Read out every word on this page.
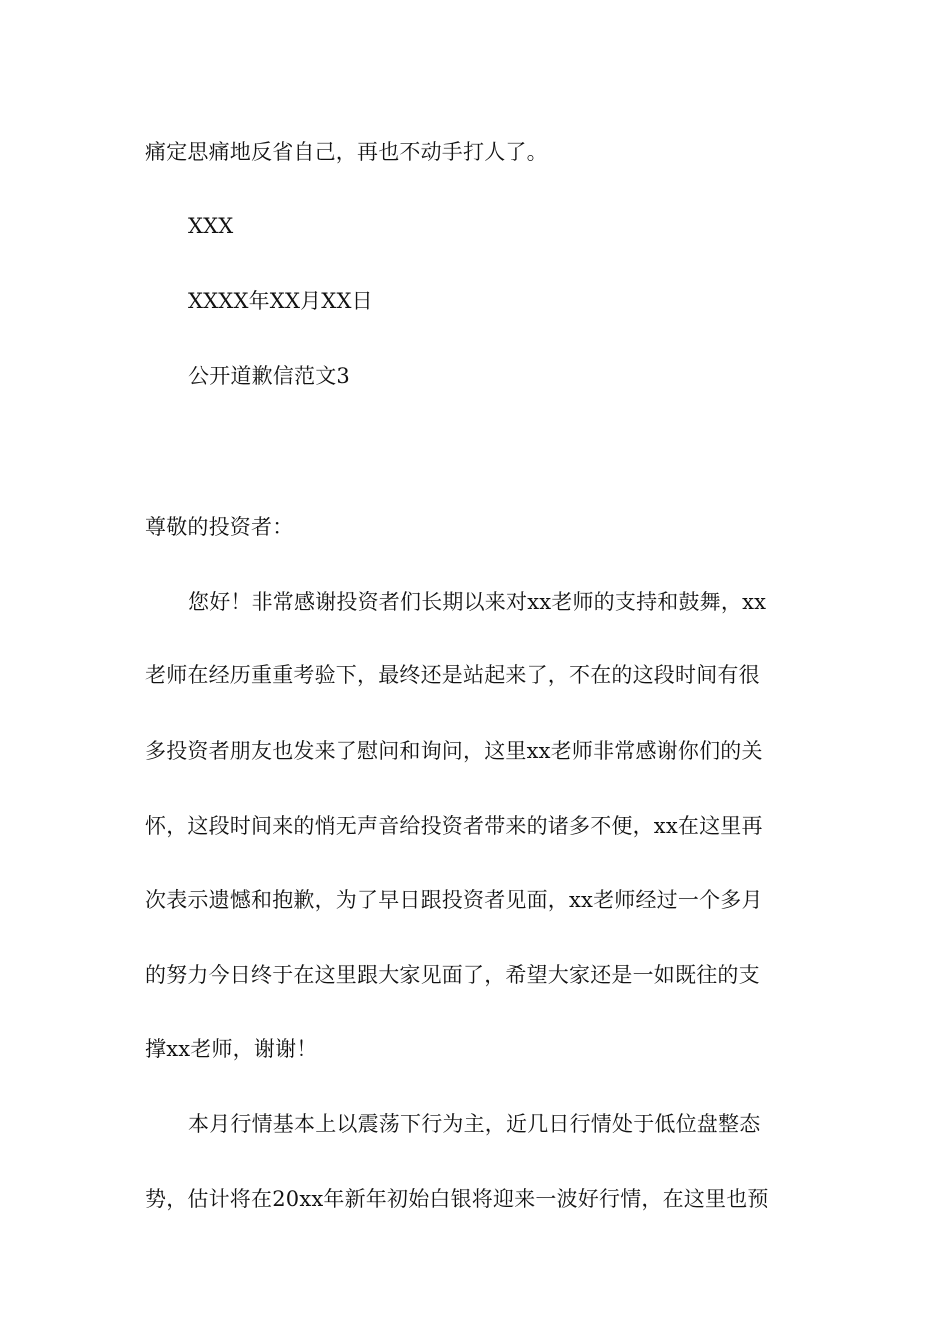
痛定思痛地反省自己，再也不动手打人了。
XXX
XXXX年XX月XX日
公开道歉信范文3
尊敬的投资者：
您好！非常感谢投资者们长期以来对xx老师的支持和鼓舞，xx
老师在经历重重考验下，最终还是站起来了，不在的这段时间有很
多投资者朋友也发来了慰问和询问，这里xx老师非常感谢你们的关
怀，这段时间来的悄无声音给投资者带来的诸多不便，xx在这里再
次表示遗憾和抱歉，为了早日跟投资者见面，xx老师经过一个多月
的努力今日终于在这里跟大家见面了，希望大家还是一如既往的支
撑xx老师，谢谢！
本月行情基本上以震荡下行为主，近几日行情处于低位盘整态
势，估计将在20xx年新年初始白银将迎来一波好行情，在这里也预
